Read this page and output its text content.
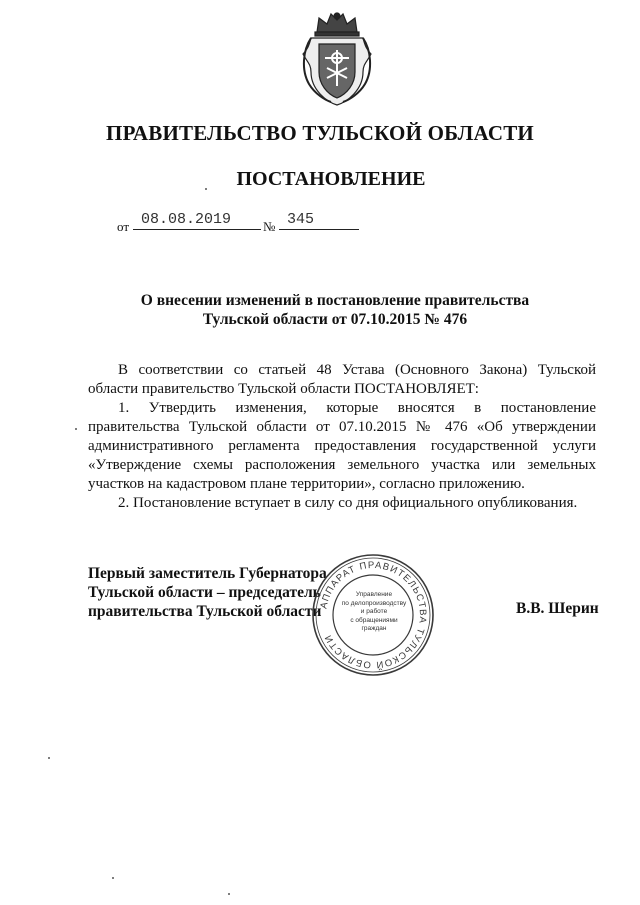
ПРАВИТЕЛЬСТВО ТУЛЬСКОЙ ОБЛАСТИ
ПОСТАНОВЛЕНИЕ
от 08.08.2019	№ 345
О внесении изменений в постановление правительства
Тульской области от 07.10.2015 № 476

В соответствии со статьей 48 Устава (Основного Закона) Тульской области правительство Тульской области ПОСТАНОВЛЯЕТ:

1. Утвердить изменения, которые вносятся в постановление правительства Тульской области от 07.10.2015 № 476 «Об утверждении административного регламента предоставления государственной услуги «Утверждение схемы расположения земельного участка или земельных участков на кадастровом плане территории», согласно приложению.

2. Постановление вступает в силу со дня официального опубликования.

Первый заместитель Губернатора
Тульской области – председатель
правительства Тульской области	В.В. Шерин
АППАРАТ ПРАВИТЕЛЬСТВА ТУЛЬСКОЙ ОБЛАСТИ
Управление
по делопроизводству
и работе
с обращениями
граждан
